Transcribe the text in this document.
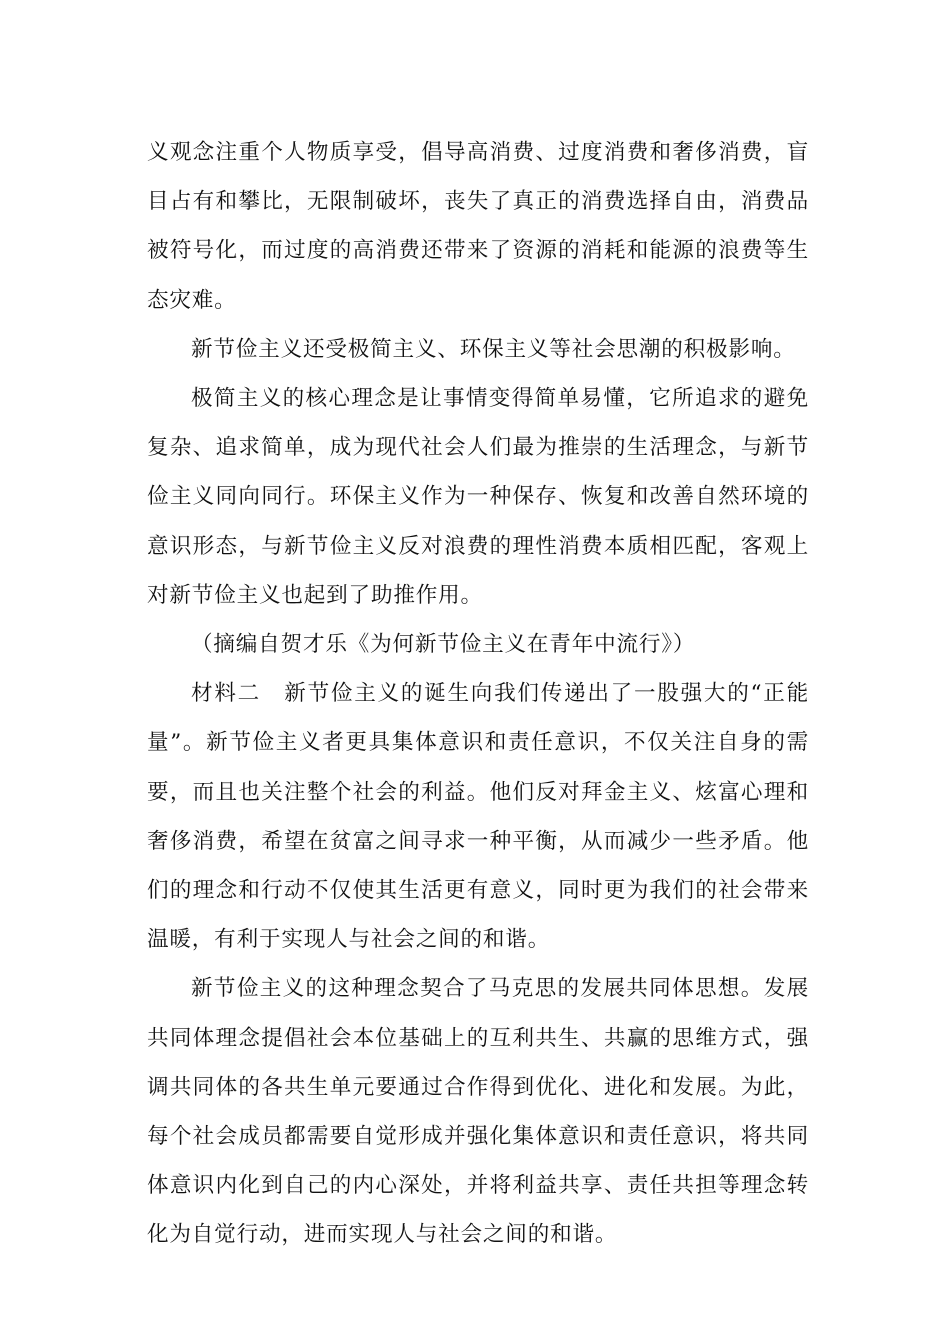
义观念注重个人物质享受，倡导高消费、过度消费和奢侈消费，盲目占有和攀比，无限制破坏，丧失了真正的消费选择自由，消费品被符号化，而过度的高消费还带来了资源的消耗和能源的浪费等生态灾难。

新节俭主义还受极简主义、环保主义等社会思潮的积极影响。

极简主义的核心理念是让事情变得简单易懂，它所追求的避免复杂、追求简单，成为现代社会人们最为推崇的生活理念，与新节俭主义同向同行。环保主义作为一种保存、恢复和改善自然环境的意识形态，与新节俭主义反对浪费的理性消费本质相匹配，客观上对新节俭主义也起到了助推作用。

（摘编自贺才乐《为何新节俭主义在青年中流行》）

材料二　新节俭主义的诞生向我们传递出了一股强大的“正能量”。新节俭主义者更具集体意识和责任意识，不仅关注自身的需要，而且也关注整个社会的利益。他们反对拜金主义、炫富心理和奢侈消费，希望在贫富之间寻求一种平衡，从而减少一些矛盾。他们的理念和行动不仅使其生活更有意义，同时更为我们的社会带来温暖，有利于实现人与社会之间的和谐。

新节俭主义的这种理念契合了马克思的发展共同体思想。发展共同体理念提倡社会本位基础上的互利共生、共赢的思维方式，强调共同体的各共生单元要通过合作得到优化、进化和发展。为此，每个社会成员都需要自觉形成并强化集体意识和责任意识，将共同体意识内化到自己的内心深处，并将利益共享、责任共担等理念转化为自觉行动，进而实现人与社会之间的和谐。
